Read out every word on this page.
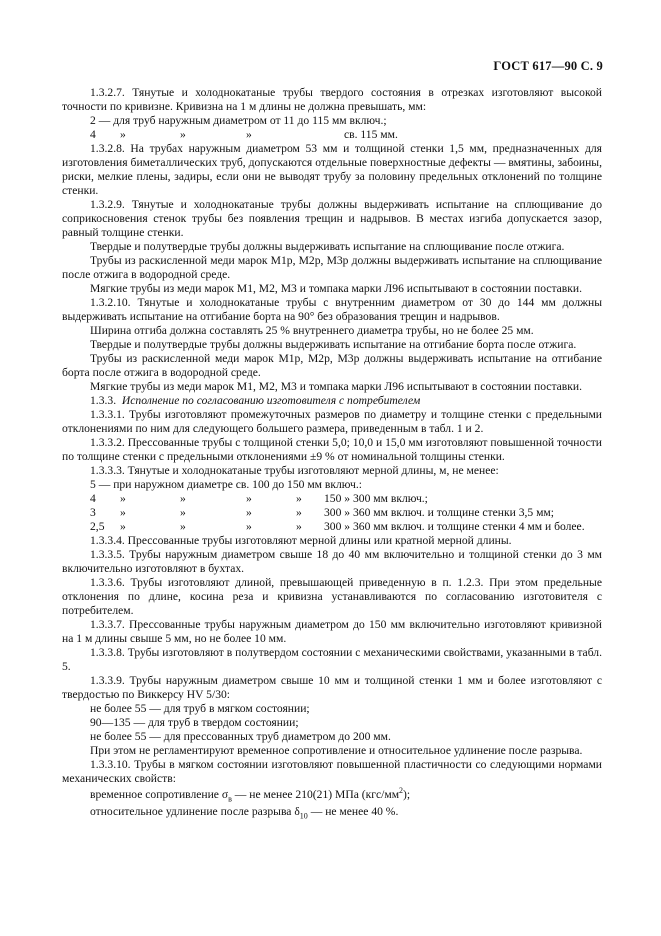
ГОСТ 617—90 С. 9

1.3.2.7. Тянутые и холоднокатаные трубы твердого состояния в отрезках изготовляют высокой точности по кривизне. Кривизна на 1 м длины не должна превышать, мм:

2 — для труб наружным диаметром от 11 до 115 мм включ.;

4	»	»	»	св. 115 мм.

1.3.2.8. На трубах наружным диаметром 53 мм и толщиной стенки 1,5 мм, предназначенных для изготовления биметаллических труб, допускаются отдельные поверхностные дефекты — вмятины, забоины, риски, мелкие плены, задиры, если они не выводят трубу за половину предельных отклонений по толщине стенки.

1.3.2.9. Тянутые и холоднокатаные трубы должны выдерживать испытание на сплющивание до соприкосновения стенок трубы без появления трещин и надрывов. В местах изгиба допускается зазор, равный толщине стенки.

Твердые и полутвердые трубы должны выдерживать испытание на сплющивание после отжига.

Трубы из раскисленной меди марок М1р, М2р, М3р должны выдерживать испытание на сплющивание после отжига в водородной среде.

Мягкие трубы из меди марок М1, М2, М3 и томпака марки Л96 испытывают в состоянии поставки.

1.3.2.10. Тянутые и холоднокатаные трубы с внутренним диаметром от 30 до 144 мм должны выдерживать испытание на отгибание борта на 90° без образования трещин и надрывов.

Ширина отгиба должна составлять 25 % внутреннего диаметра трубы, но не более 25 мм.

Твердые и полутвердые трубы должны выдерживать испытание на отгибание борта после отжига.

Трубы из раскисленной меди марок М1р, М2р, М3р должны выдерживать испытание на отгибание борта после отжига в водородной среде.

Мягкие трубы из меди марок М1, М2, М3 и томпака марки Л96 испытывают в состоянии поставки.

1.3.3. Исполнение по согласованию изготовителя с потребителем

1.3.3.1. Трубы изготовляют промежуточных размеров по диаметру и толщине стенки с предельными отклонениями по ним для следующего большего размера, приведенным в табл. 1 и 2.

1.3.3.2. Прессованные трубы с толщиной стенки 5,0; 10,0 и 15,0 мм изготовляют повышенной точности по толщине стенки с предельными отклонениями ±9 % от номинальной толщины стенки.

1.3.3.3. Тянутые и холоднокатаные трубы изготовляют мерной длины, м, не менее:

5 — при наружном диаметре св. 100 до 150 мм включ.:

4	»	»	»	»	150 » 300 мм включ.;

3	»	»	»	»	300 » 360 мм включ. и толщине стенки 3,5 мм;

2,5	»	»	»	»	300 » 360 мм включ. и толщине стенки 4 мм и более.

1.3.3.4. Прессованные трубы изготовляют мерной длины или кратной мерной длины.

1.3.3.5. Трубы наружным диаметром свыше 18 до 40 мм включительно и толщиной стенки до 3 мм включительно изготовляют в бухтах.

1.3.3.6. Трубы изготовляют длиной, превышающей приведенную в п. 1.2.3. При этом предельные отклонения по длине, косина реза и кривизна устанавливаются по согласованию изготовителя с потребителем.

1.3.3.7. Прессованные трубы наружным диаметром до 150 мм включительно изготовляют кривизной на 1 м длины свыше 5 мм, но не более 10 мм.

1.3.3.8. Трубы изготовляют в полутвердом состоянии с механическими свойствами, указанными в табл. 5.

1.3.3.9. Трубы наружным диаметром свыше 10 мм и толщиной стенки 1 мм и более изготовляют с твердостью по Виккерсу HV 5/30:

не более 55 — для труб в мягком состоянии;

90—135 — для труб в твердом состоянии;

не более 55 — для прессованных труб диаметром до 200 мм.

При этом не регламентируют временное сопротивление и относительное удлинение после разрыва.

1.3.3.10. Трубы в мягком состоянии изготовляют повышенной пластичности со следующими нормами механических свойств:

временное сопротивление $\sigma_в$ — не менее 210(21) МПа $(кгс/мм^2)$;

относительное удлинение после разрыва $\delta_{10}$ — не менее 40 %.
